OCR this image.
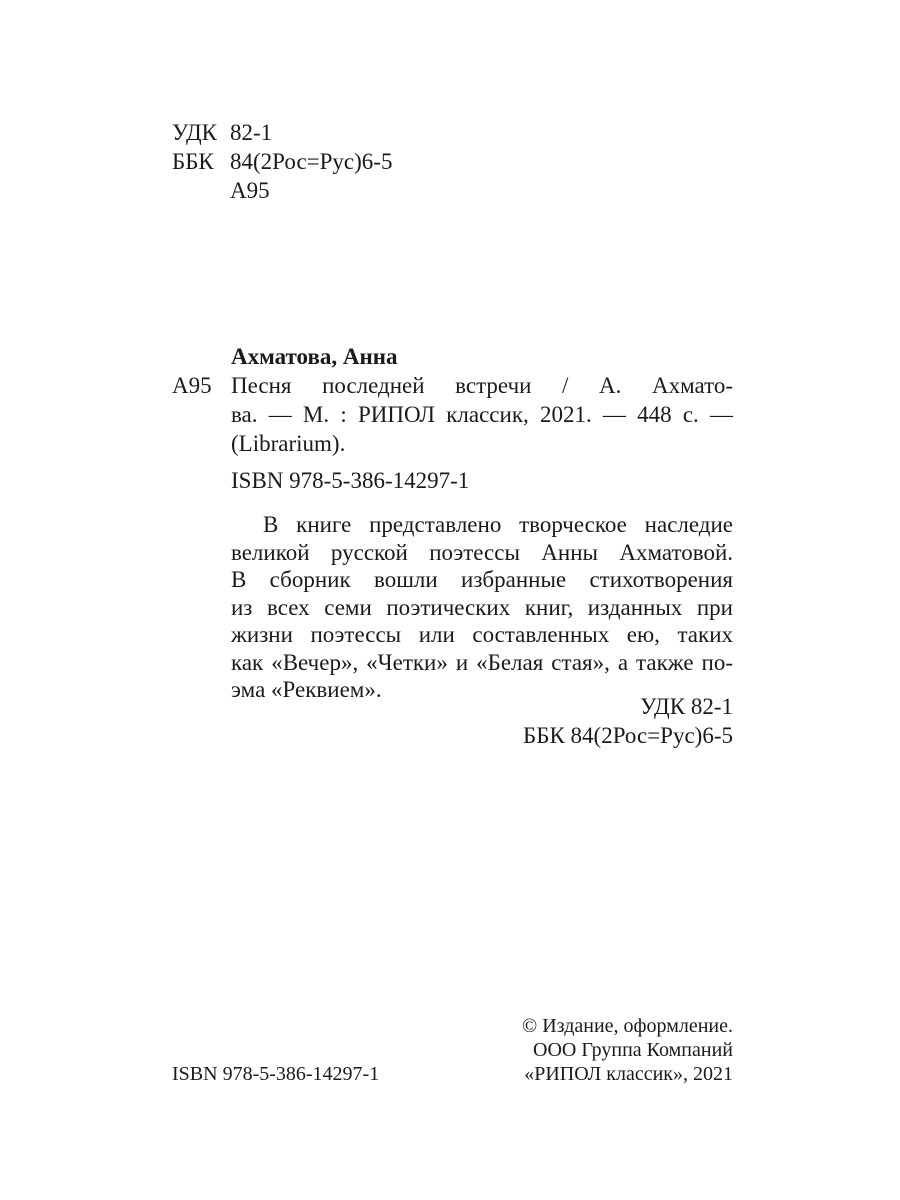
УДК 82-1
ББК 84(2Рос=Рус)6-5
А95
Ахматова, Анна
А95 Песня последней встречи / А. Ахмато-
ва. — М. : РИПОЛ классик, 2021. — 448 с. —
(Librarium).
ISBN 978-5-386-14297-1
В книге представлено творческое наследие
великой русской поэтессы Анны Ахматовой.
В сборник вошли избранные стихотворения
из всех семи поэтических книг, изданных при
жизни поэтессы или составленных ею, таких
как «Вечер», «Четки» и «Белая стая», а также по-
эма «Реквием».
УДК 82-1
ББК 84(2Рос=Рус)6-5
© Издание, оформление.
ООО Группа Компаний
«РИПОЛ классик», 2021
ISBN 978-5-386-14297-1
